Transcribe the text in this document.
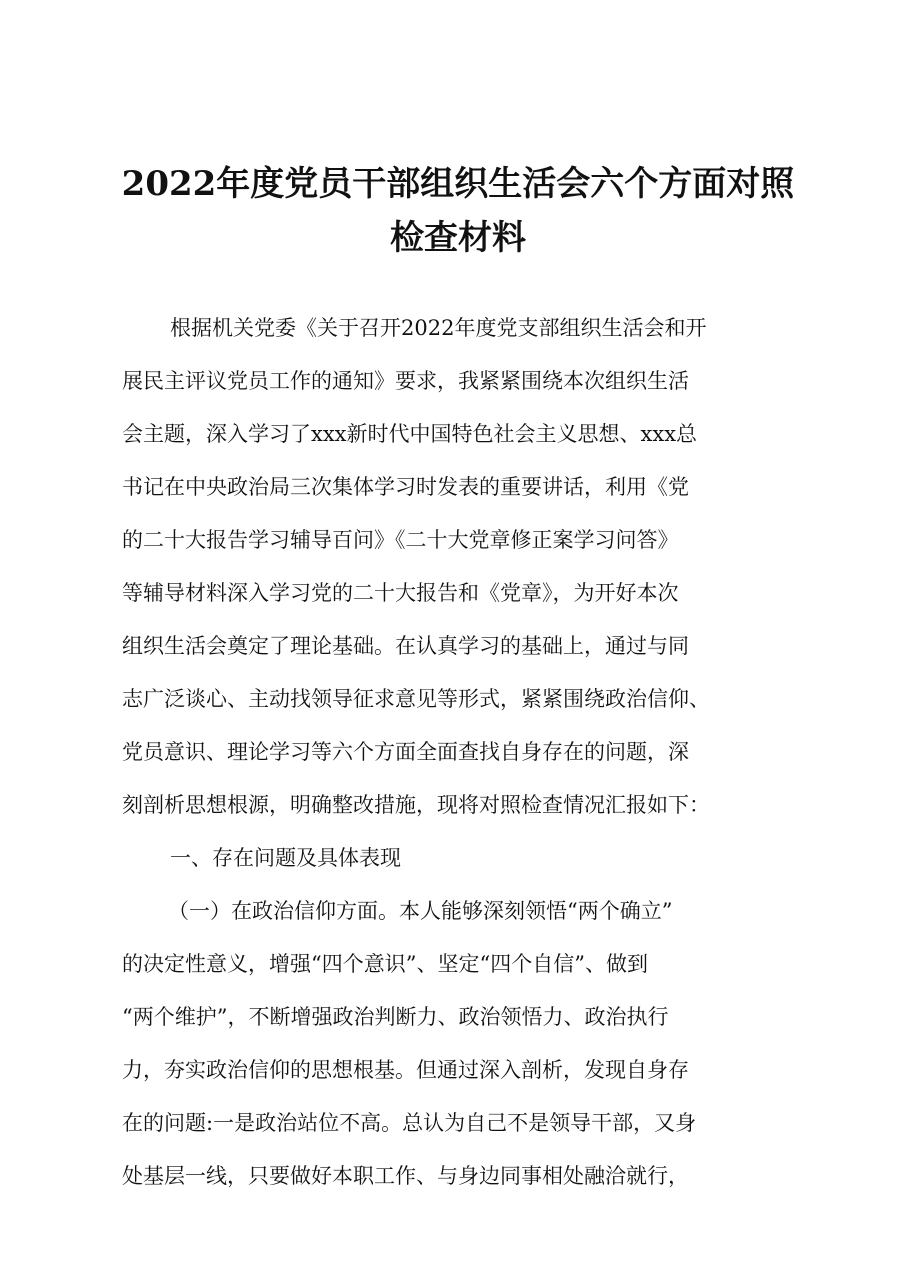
2022年度党员干部组织生活会六个方面对照
检查材料

根据机关党委《关于召开2022年度党支部组织生活会和开

展民主评议党员工作的通知》要求，我紧紧围绕本次组织生活

会主题，深入学习了xxx新时代中国特色社会主义思想、xxx总

书记在中央政治局三次集体学习时发表的重要讲话，利用《党

的二十大报告学习辅导百问》《二十大党章修正案学习问答》

等辅导材料深入学习党的二十大报告和《党章》，为开好本次

组织生活会奠定了理论基础。在认真学习的基础上，通过与同

志广泛谈心、主动找领导征求意见等形式，紧紧围绕政治信仰、

党员意识、理论学习等六个方面全面查找自身存在的问题，深

刻剖析思想根源，明确整改措施，现将对照检查情况汇报如下：

一、存在问题及具体表现

（一）在政治信仰方面。本人能够深刻领悟“两个确立”

的决定性意义，增强“四个意识”、坚定“四个自信”、做到

“两个维护”，不断增强政治判断力、政治领悟力、政治执行

力，夯实政治信仰的思想根基。但通过深入剖析，发现自身存

在的问题:一是政治站位不高。总认为自己不是领导干部，又身

处基层一线，只要做好本职工作、与身边同事相处融洽就行，
